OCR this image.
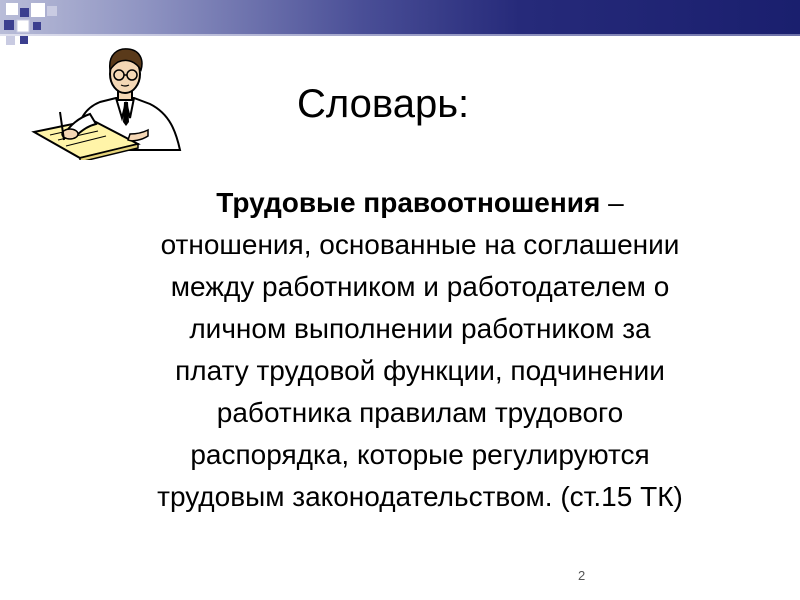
Словарь:
Трудовые правоотношения –
отношения, основанные на соглашении
между работником и работодателем о
личном выполнении работником за
плату трудовой функции, подчинении
работника правилам трудового
распорядка, которые регулируются
трудовым законодательством. (ст.15 ТК)
2
